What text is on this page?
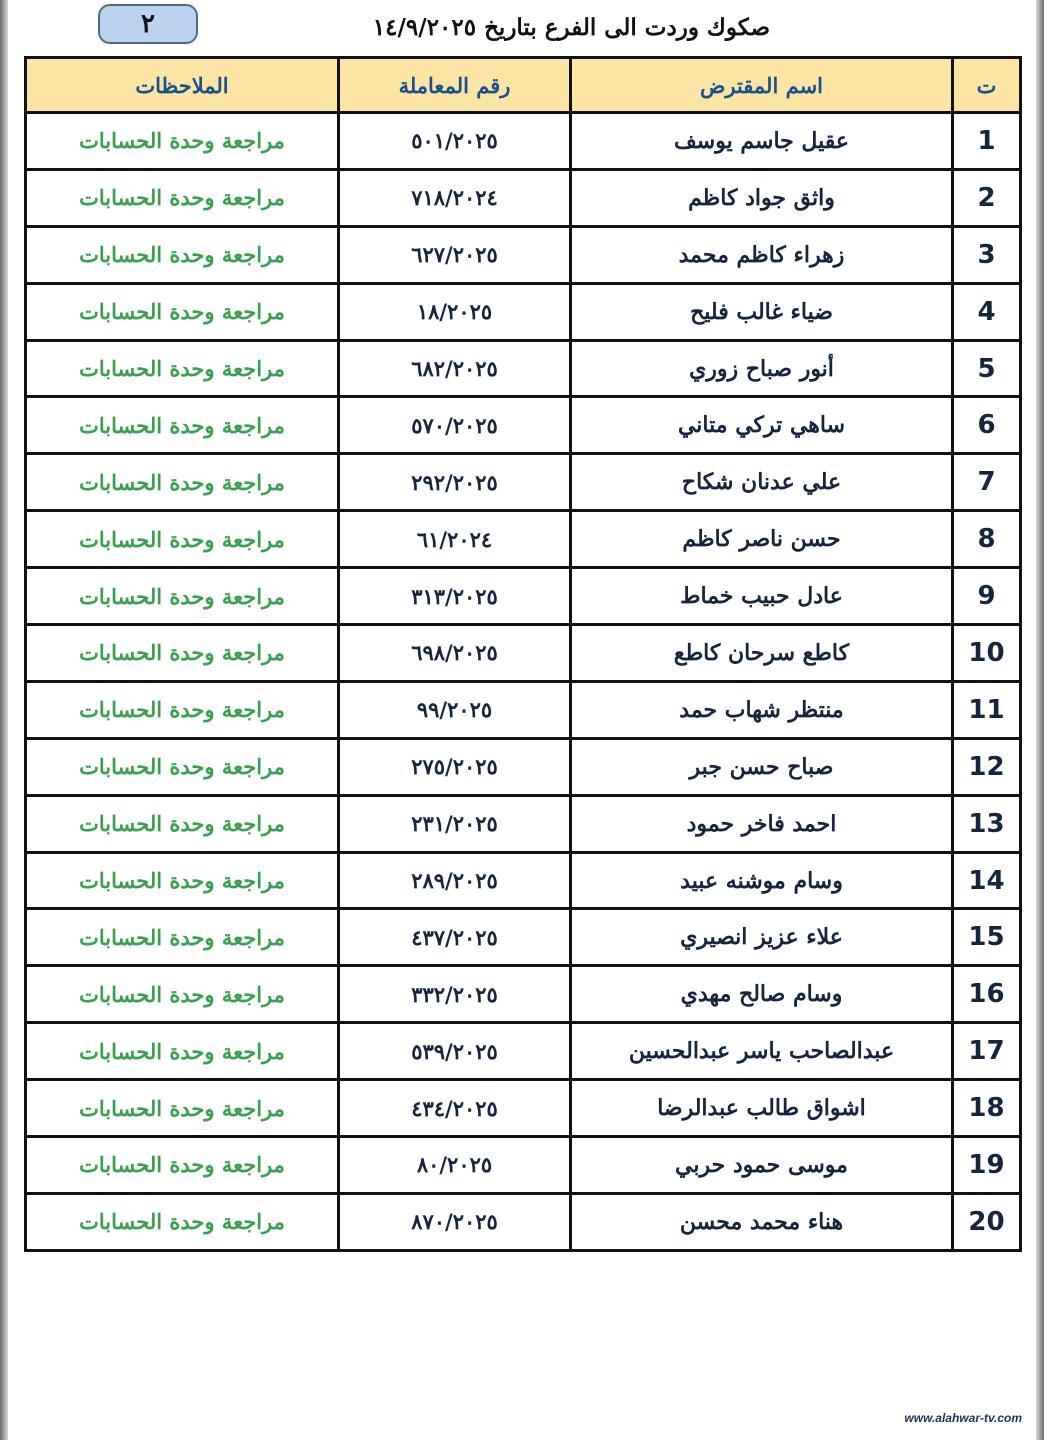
٢	صكوك وردت الى الفرع بتاريخ ١٤/٩/٢٠٢٥
ت	اسم المقترض	رقم المعاملة	الملاحظات
1	عقيل جاسم يوسف	٥٠١/٢٠٢٥	مراجعة وحدة الحسابات
2	واثق جواد كاظم	٧١٨/٢٠٢٤	مراجعة وحدة الحسابات
3	زهراء كاظم محمد	٦٢٧/٢٠٢٥	مراجعة وحدة الحسابات
4	ضياء غالب فليح	١٨/٢٠٢٥	مراجعة وحدة الحسابات
5	أنور صباح زوري	٦٨٢/٢٠٢٥	مراجعة وحدة الحسابات
6	ساهي تركي متاني	٥٧٠/٢٠٢٥	مراجعة وحدة الحسابات
7	علي عدنان شكاح	٢٩٢/٢٠٢٥	مراجعة وحدة الحسابات
8	حسن ناصر كاظم	٦١/٢٠٢٤	مراجعة وحدة الحسابات
9	عادل حبيب خماط	٣١٣/٢٠٢٥	مراجعة وحدة الحسابات
10	كاطع سرحان كاطع	٦٩٨/٢٠٢٥	مراجعة وحدة الحسابات
11	منتظر شهاب حمد	٩٩/٢٠٢٥	مراجعة وحدة الحسابات
12	صباح حسن جبر	٢٧٥/٢٠٢٥	مراجعة وحدة الحسابات
13	احمد فاخر حمود	٢٣١/٢٠٢٥	مراجعة وحدة الحسابات
14	وسام موشنه عبيد	٢٨٩/٢٠٢٥	مراجعة وحدة الحسابات
15	علاء عزيز انصيري	٤٣٧/٢٠٢٥	مراجعة وحدة الحسابات
16	وسام صالح مهدي	٣٣٢/٢٠٢٥	مراجعة وحدة الحسابات
17	عبدالصاحب ياسر عبدالحسين	٥٣٩/٢٠٢٥	مراجعة وحدة الحسابات
18	اشواق طالب عبدالرضا	٤٣٤/٢٠٢٥	مراجعة وحدة الحسابات
19	موسى حمود حربي	٨٠/٢٠٢٥	مراجعة وحدة الحسابات
20	هناء محمد محسن	٨٧٠/٢٠٢٥	مراجعة وحدة الحسابات
www.alahwar-tv.com
